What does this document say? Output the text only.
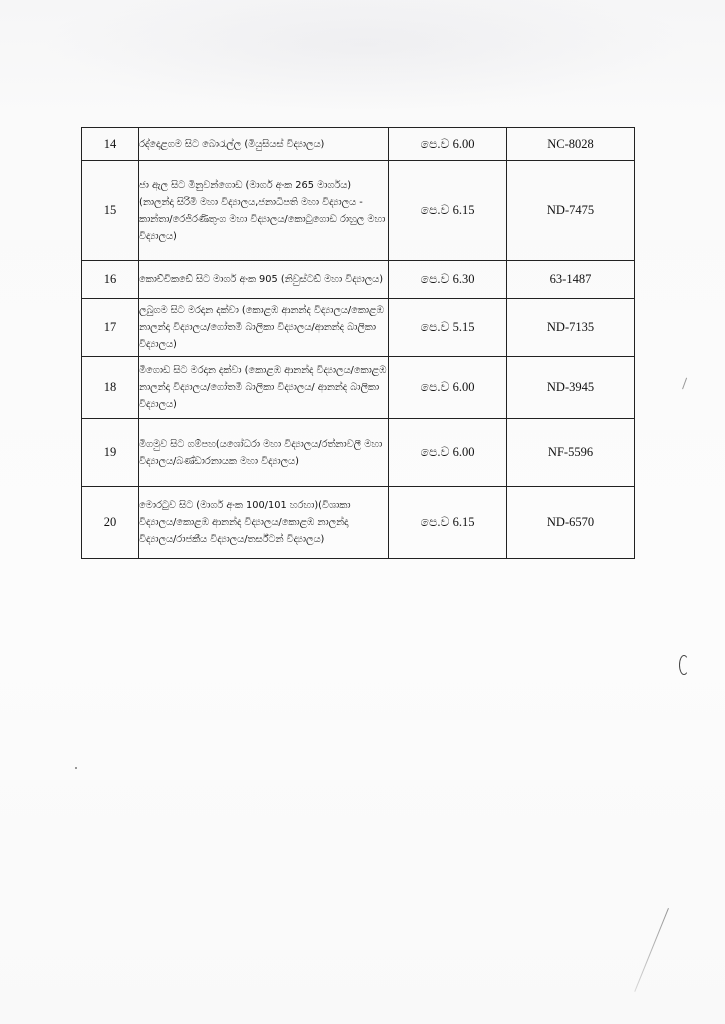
14	රද්දොළගම සිට බොරැල්ල (මියුසියස් විද්‍යාලය)	පෙ.ව 6.00	NC-8028
15	ජා ඇල සිට මිනුවන්ගොඩ (මාර්ග අංක 265 මාර්ගය) (නාලන්දා සිරිමි මහා විද්‍යාලය,ජනාධිපති මහා විද්‍යාලය - කාන්තා/රෙජිරණිතුංග මහා විද්‍යාලය/කොටුගොඩ රාහුල මහා විද්‍යාලය)	පෙ.ව 6.15	ND-7475
16	කොච්චිකඩේ සිට මාර්ග අංක 905 (නිවුස්ටඩ් මහා විද්‍යාලය)	පෙ.ව 6.30	63-1487
17	ලබුගම සිට මරදාන දක්වා (කොළඹ ආනන්ද විද්‍යාලය/කොළඹ නාලන්දා විද්‍යාලය/ගෝතමී බාලිකා විද්‍යාලය/ආනන්ද බාලිකා විද්‍යාලය)	පෙ.ව 5.15	ND-7135
18	මීගොඩ සිට මරදාන දක්වා (කොළඹ ආනන්ද විද්‍යාලය/කොළඹ නාලන්දා විද්‍යාලය/ගෝතමී බාලිකා විද්‍යාලය/ ආනන්ද බාලිකා විද්‍යාලය)	පෙ.ව 6.00	ND-3945
19	මිගමුව සිට ගම්පහ(යශෝධරා මහා විද්‍යාලය/රත්නාවලී මහා විද්‍යාලය/බණ්ඩාරනායක මහා විද්‍යාලය)	පෙ.ව 6.00	NF-5596
20	මොරටුව සිට (මාර්ග අංක 100/101 හරහා)(විශාකා විද්‍යාලය/කොළඹ ආනන්ද විද්‍යාලය/කොළඹ නාලන්දා විද්‍යාලය/රාජකීය විද්‍යාලය/තර්ස්ටන් විද්‍යාලය)	පෙ.ව 6.15	ND-6570
